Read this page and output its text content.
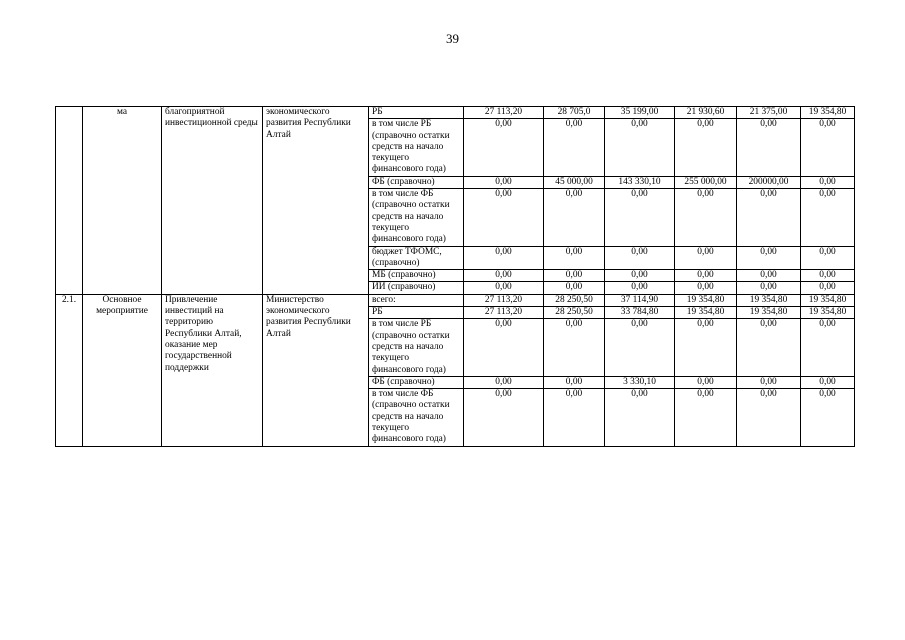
39
	ма	благоприятной инвестиционной среды	экономического развития Республики Алтай	РБ	27 113,20	28 705,0	35 199,00	21 930,60	21 375,00	19 354,80
				в том числе РБ (справочно остатки средств на начало текущего финансового года)	0,00	0,00	0,00	0,00	0,00	0,00
				ФБ (справочно)	0,00	45 000,00	143 330,10	255 000,00	200000,00	0,00
				в том числе ФБ (справочно остатки средств на начало текущего финансового года)	0,00	0,00	0,00	0,00	0,00	0,00
				бюджет ТФОМС, (справочно)	0,00	0,00	0,00	0,00	0,00	0,00
				МБ (справочно)	0,00	0,00	0,00	0,00	0,00	0,00
				ИИ (справочно)	0,00	0,00	0,00	0,00	0,00	0,00
2.1.	Основное мероприятие	Привлечение инвестиций на территорию Республики Алтай, оказание мер государственной поддержки	Министерство экономического развития Республики Алтай	всего:	27 113,20	28 250,50	37 114,90	19 354,80	19 354,80	19 354,80
				РБ	27 113,20	28 250,50	33 784,80	19 354,80	19 354,80	19 354,80
				в том числе РБ (справочно остатки средств на начало текущего финансового года)	0,00	0,00	0,00	0,00	0,00	0,00
				ФБ (справочно)	0,00	0,00	3 330,10	0,00	0,00	0,00
				в том числе ФБ (справочно остатки средств на начало текущего финансового года)	0,00	0,00	0,00	0,00	0,00	0,00
